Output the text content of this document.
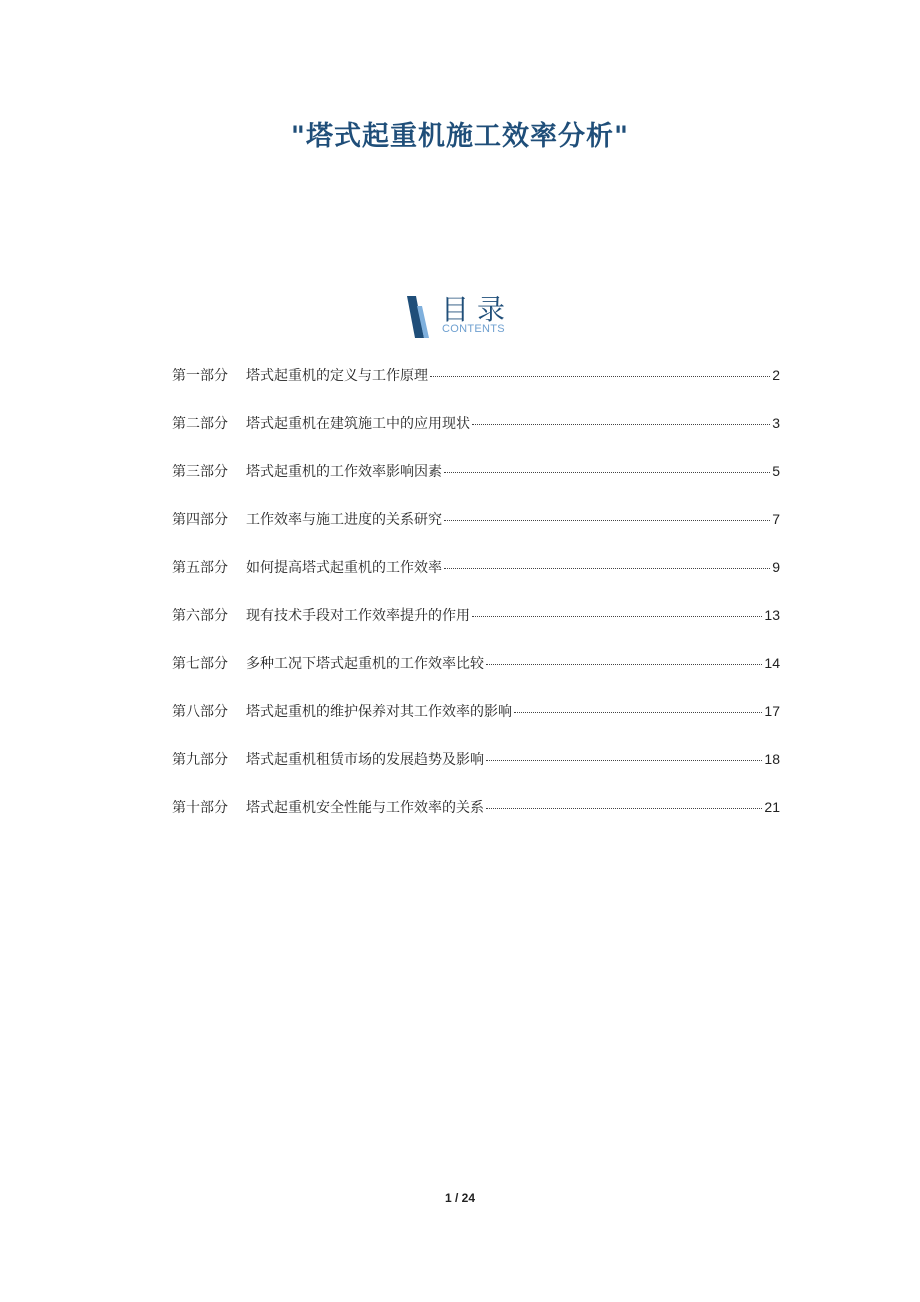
"塔式起重机施工效率分析"
目录
CONTENTS
第一部分 塔式起重机的定义与工作原理	2
第二部分 塔式起重机在建筑施工中的应用现状	3
第三部分 塔式起重机的工作效率影响因素	5
第四部分 工作效率与施工进度的关系研究	7
第五部分 如何提高塔式起重机的工作效率	9
第六部分 现有技术手段对工作效率提升的作用	13
第七部分 多种工况下塔式起重机的工作效率比较	14
第八部分 塔式起重机的维护保养对其工作效率的影响	17
第九部分 塔式起重机租赁市场的发展趋势及影响	18
第十部分 塔式起重机安全性能与工作效率的关系	21
1 / 24
